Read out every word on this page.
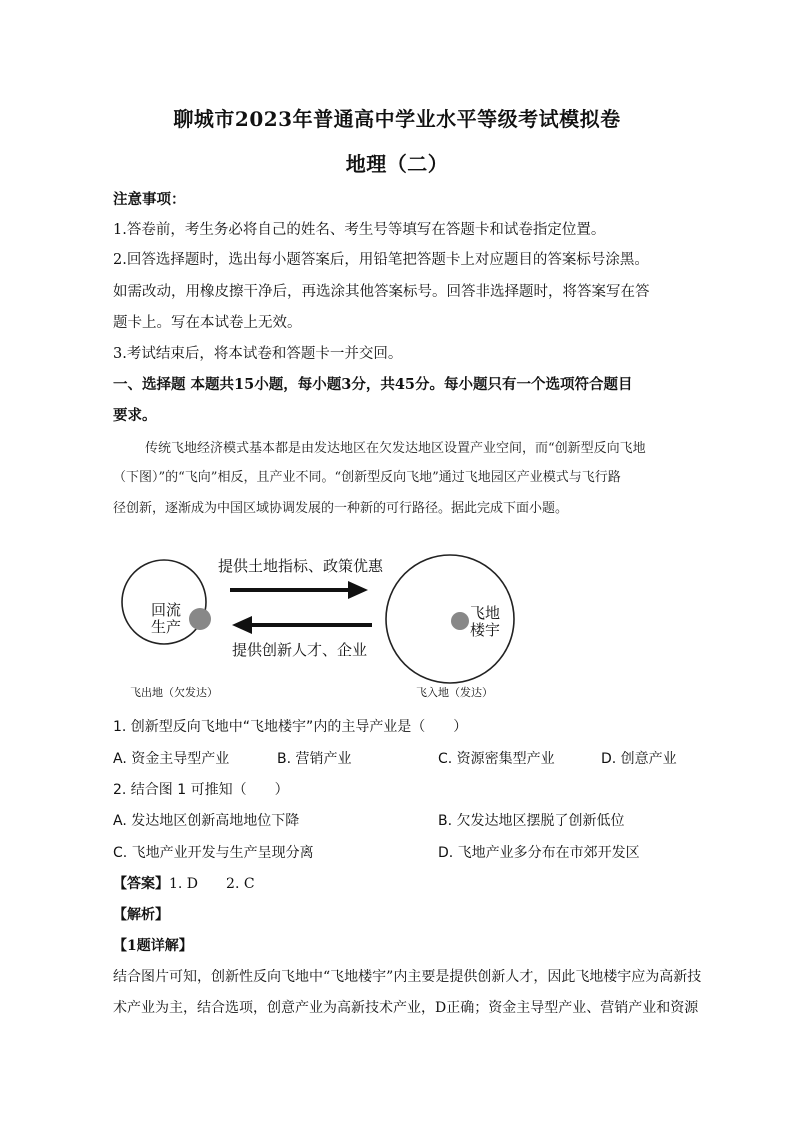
聊城市2023年普通高中学业水平等级考试模拟卷
地理（二）
注意事项：
1.答卷前，考生务必将自己的姓名、考生号等填写在答题卡和试卷指定位置。
2.回答选择题时，选出每小题答案后，用铅笔把答题卡上对应题目的答案标号涂黑。
如需改动，用橡皮擦干净后，再选涂其他答案标号。回答非选择题时，将答案写在答
题卡上。写在本试卷上无效。
3.考试结束后，将本试卷和答题卡一并交回。
一、选择题 本题共15小题，每小题3分，共45分。每小题只有一个选项符合题目
要求。
传统飞地经济模式基本都是由发达地区在欠发达地区设置产业空间，而“创新型反向飞地
（下图）”的“飞向”相反，且产业不同。“创新型反向飞地”通过飞地园区产业模式与飞行路
径创新，逐渐成为中国区域协调发展的一种新的可行路径。据此完成下面小题。
提供土地指标、政策优惠
提供创新人才、企业
回流
生产
飞地
楼宇
飞出地（欠发达）	飞入地（发达）
1. 创新型反向飞地中“飞地楼宇”内的主导产业是（　　）
A. 资金主导型产业	B. 营销产业	C. 资源密集型产业	D. 创意产业
2. 结合图 1 可推知（　　）
A. 发达地区创新高地地位下降	B. 欠发达地区摆脱了创新低位
C. 飞地产业开发与生产呈现分离	D. 飞地产业多分布在市郊开发区
【答案】1. D　　2. C
【解析】
【1题详解】
结合图片可知，创新性反向飞地中“飞地楼宇”内主要是提供创新人才，因此飞地楼宇应为高新技
术产业为主，结合选项，创意产业为高新技术产业，D正确；资金主导型产业、营销产业和资源
